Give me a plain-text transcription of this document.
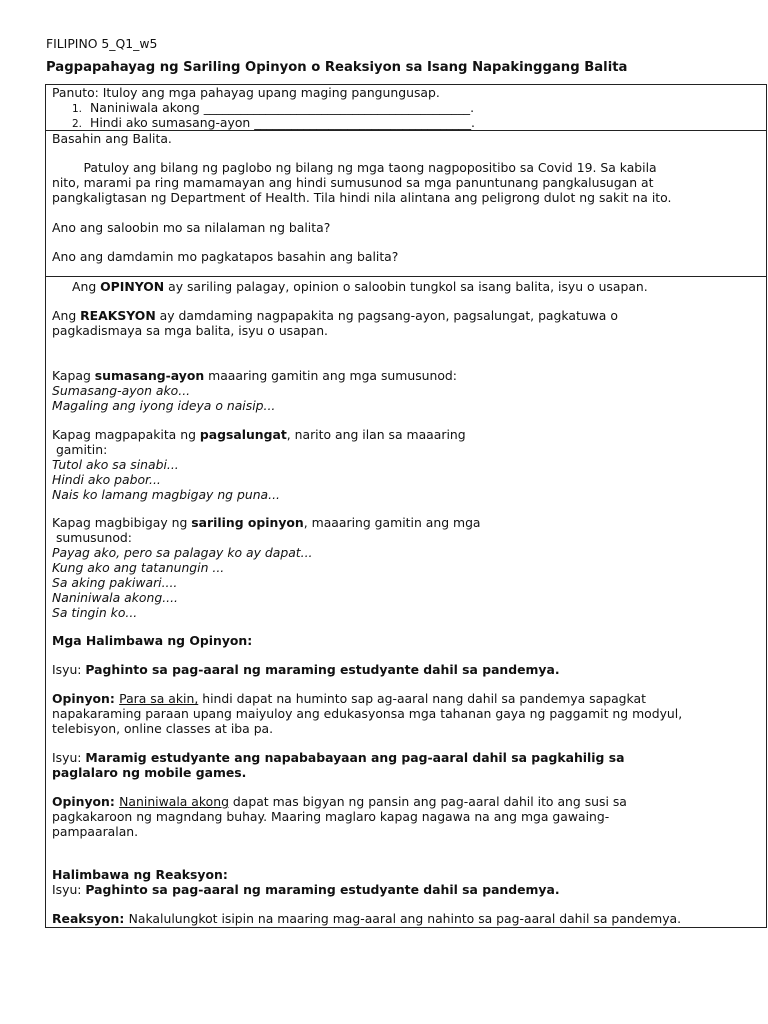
FILIPINO 5_Q1_w5
Pagpapahayag ng Sariling Opinyon o Reaksiyon sa Isang Napakinggang Balita
Panuto: Ituloy ang mga pahayag upang maging pangungusap.
1. Naniniwala akong ___________________________________________.
2. Hindi ako sumasang-ayon ___________________________________.
Basahin ang Balita.
Patuloy ang bilang ng paglobo ng bilang ng mga taong nagpopositibo sa Covid 19. Sa kabila
nito, marami pa ring mamamayan ang hindi sumusunod sa mga panuntunang pangkalusugan at
pangkaligtasan ng Department of Health. Tila hindi nila alintana ang peligrong dulot ng sakit na ito.
Ano ang saloobin mo sa nilalaman ng balita?
Ano ang damdamin mo pagkatapos basahin ang balita?
Ang OPINYON ay sariling palagay, opinion o saloobin tungkol sa isang balita, isyu o usapan.
Ang REAKSYON ay damdaming nagpapakita ng pagsang-ayon, pagsalungat, pagkatuwa o
pagkadismaya sa mga balita, isyu o usapan.
Kapag sumasang-ayon maaaring gamitin ang mga sumusunod:
Sumasang-ayon ako...
Magaling ang iyong ideya o naisip...
Kapag magpapakita ng pagsalungat, narito ang ilan sa maaaring
gamitin:
Tutol ako sa sinabi...
Hindi ako pabor...
Nais ko lamang magbigay ng puna...
Kapag magbibigay ng sariling opinyon, maaaring gamitin ang mga
sumusunod:
Payag ako, pero sa palagay ko ay dapat...
Kung ako ang tatanungin ...
Sa aking pakiwari....
Naniniwala akong....
Sa tingin ko...
Mga Halimbawa ng Opinyon:
Isyu: Paghinto sa pag-aaral ng maraming estudyante dahil sa pandemya.
Opinyon: Para sa akin, hindi dapat na huminto sap ag-aaral nang dahil sa pandemya sapagkat
napakaraming paraan upang maiyuloy ang edukasyonsa mga tahanan gaya ng paggamit ng modyul,
telebisyon, online classes at iba pa.
Isyu: Maramig estudyante ang napababayaan ang pag-aaral dahil sa pagkahilig sa
paglalaro ng mobile games.
Opinyon: Naniniwala akong dapat mas bigyan ng pansin ang pag-aaral dahil ito ang susi sa
pagkakaroon ng magndang buhay. Maaring maglaro kapag nagawa na ang mga gawaing-
pampaaralan.
Halimbawa ng Reaksyon:
Isyu: Paghinto sa pag-aaral ng maraming estudyante dahil sa pandemya.
Reaksyon: Nakalulungkot isipin na maaring mag-aaral ang nahinto sa pag-aaral dahil sa pandemya.
